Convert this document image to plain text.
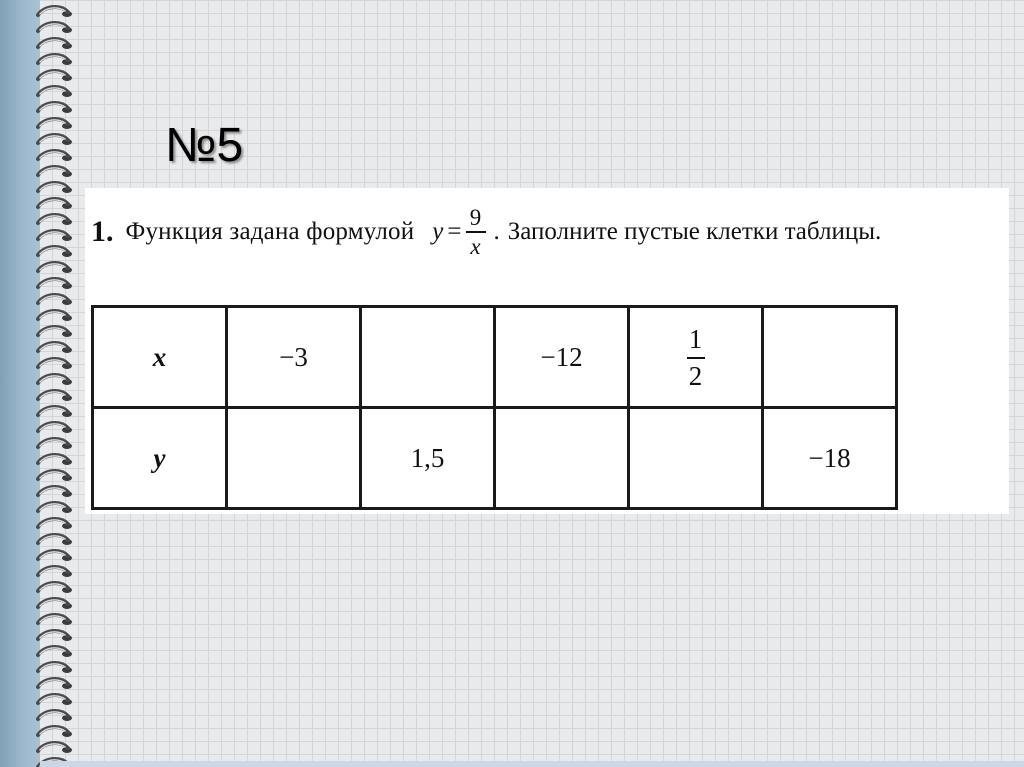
№5
1. Функция задана формулой $y = \frac{9}{x}$ . Заполните пустые клетки таблицы.
x	−3		−12	$\frac{1}{2}$

y		1,5			−18
